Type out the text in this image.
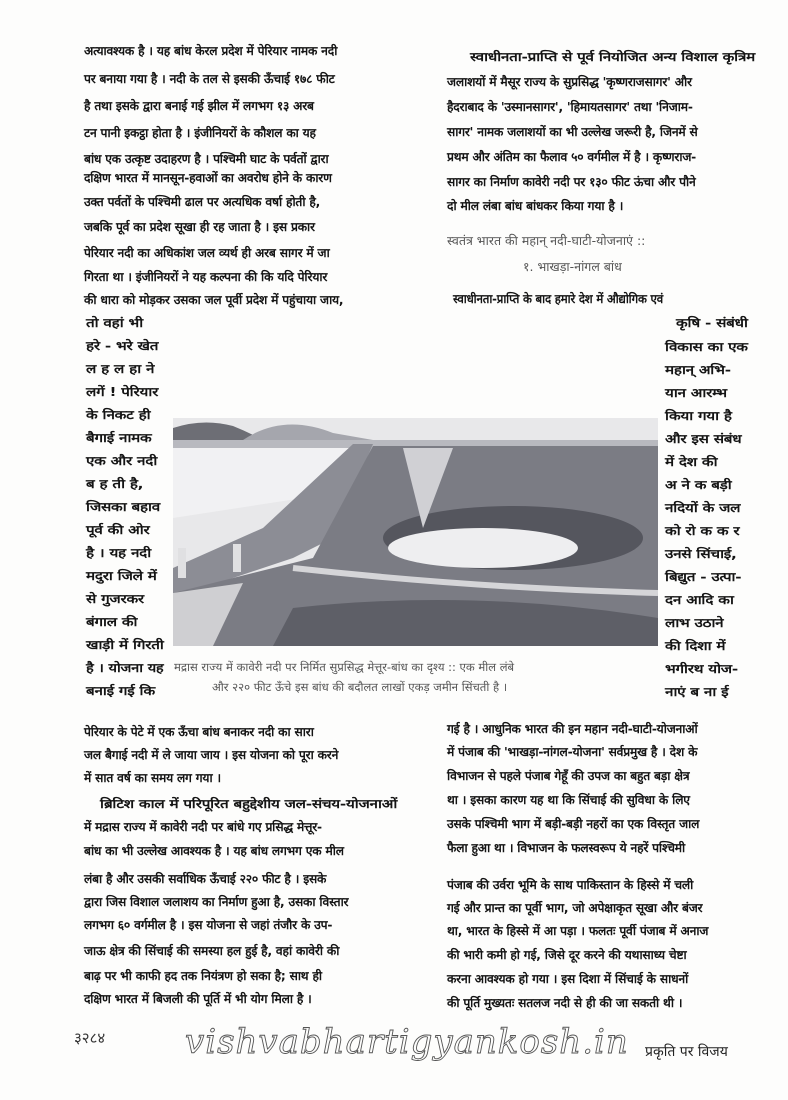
अत्यावश्यक है । यह बांध केरल प्रदेश में पेरियार नामक नदी
पर बनाया गया है । नदी के तल से इसकी ऊँचाई १७८ फीट
है तथा इसके द्वारा बनाई गई झील में लगभग १३ अरब
टन पानी इकट्ठा होता है । इंजीनियरों के कौशल का यह
बांध एक उत्कृष्ट उदाहरण है । पश्चिमी घाट के पर्वतों द्वारा
दक्षिण भारत में मानसून-हवाओं का अवरोध होने के कारण
उक्त पर्वतों के पश्चिमी ढाल पर अत्यधिक वर्षा होती है,
जबकि पूर्व का प्रदेश सूखा ही रह जाता है । इस प्रकार
पेरियार नदी का अधिकांश जल व्यर्थ ही अरब सागर में जा
गिरता था । इंजीनियरों ने यह कल्पना की कि यदि पेरियार
की धारा को मोड़कर उसका जल पूर्वी प्रदेश में पहुंचाया जाय,
तो वहां भी
हरे - भरे खेत
ल ह ल हा ने
लगें ! पेरियार
के निकट ही
बैगाई नामक
एक और नदी
ब ह ती है,
जिसका बहाव
पूर्व की ओर
है । यह नदी
मदुरा जिले में
से गुजरकर
बंगाल की
खाड़ी में गिरती
है । योजना यह
बनाई गई कि
पेरियार के पेटे में एक ऊँचा बांध बनाकर नदी का सारा
जल बैगाई नदी में ले जाया जाय । इस योजना को पूरा करने
में सात वर्ष का समय लग गया ।
ब्रिटिश काल में परिपूरित बहुद्देशीय जल-संचय-योजनाओं
में मद्रास राज्य में कावेरी नदी पर बांधे गए प्रसिद्ध मेत्तूर-
बांध का भी उल्लेख आवश्यक है । यह बांध लगभग एक मील
लंबा है और उसकी सर्वाधिक ऊँचाई २२० फीट है । इसके
द्वारा जिस विशाल जलाशय का निर्माण हुआ है, उसका विस्तार
लगभग ६० वर्गमील है । इस योजना से जहां तंजौर के उप-
जाऊ क्षेत्र की सिंचाई की समस्या हल हुई है, वहां कावेरी की
बाढ़ पर भी काफी हद तक नियंत्रण हो सका है; साथ ही
दक्षिण भारत में बिजली की पूर्ति में भी योग मिला है ।
स्वाधीनता-प्राप्ति से पूर्व नियोजित अन्य विशाल कृत्रिम
जलाशयों में मैसूर राज्य के सुप्रसिद्ध 'कृष्णराजसागर' और
हैदराबाद के 'उस्मानसागर', 'हिमायतसागर' तथा 'निजाम-
सागर' नामक जलाशयों का भी उल्लेख जरूरी है, जिनमें से
प्रथम और अंतिम का फैलाव ५० वर्गमील में है । कृष्णराज-
सागर का निर्माण कावेरी नदी पर १३० फीट ऊंचा और पौने
दो मील लंबा बांध बांधकर किया गया है ।
स्वतंत्र भारत की महान् नदी-घाटी-योजनाएं ::
१. भाखड़ा-नांगल बांध
स्वाधीनता-प्राप्ति के बाद हमारे देश में औद्योगिक एवं
कृषि - संबंधी
विकास का एक
महान् अभि-
यान आरम्भ
किया गया है
और इस संबंध
में देश की
अ ने क बड़ी
नदियों के जल
को रो क क र
उनसे सिंचाई,
बिद्युत - उत्पा-
दन आदि का
लाभ उठाने
की दिशा में
भगीरथ योज-
नाएं ब ना ई
गई है । आधुनिक भारत की इन महान नदी-घाटी-योजनाओं
में पंजाब की 'भाखड़ा-नांगल-योजना' सर्वप्रमुख है । देश के
विभाजन से पहले पंजाब गेहूँ की उपज का बहुत बड़ा क्षेत्र
था । इसका कारण यह था कि सिंचाई की सुविधा के लिए
उसके पश्चिमी भाग में बड़ी-बड़ी नहरों का एक विस्तृत जाल
फैला हुआ था । विभाजन के फलस्वरूप ये नहरें पश्चिमी
पंजाब की उर्वरा भूमि के साथ पाकिस्तान के हिस्से में चली
गई और प्रान्त का पूर्वी भाग, जो अपेक्षाकृत सूखा और बंजर
था, भारत के हिस्से में आ पड़ा । फलतः पूर्वी पंजाब में अनाज
की भारी कमी हो गई, जिसे दूर करने की यथासाध्य चेष्टा
करना आवश्यक हो गया । इस दिशा में सिंचाई के साधनों
की पूर्ति मुख्यतः सतलज नदी से ही की जा सकती थी ।
मद्रास राज्य में कावेरी नदी पर निर्मित सुप्रसिद्ध मेत्तूर-बांध का दृश्य :: एक मील लंबे
और २२० फीट ऊँचे इस बांध की बदौलत लाखों एकड़ जमीन सिंचती है ।
३२८४ vishvabhartigyankosh.in प्रकृति पर विजय
